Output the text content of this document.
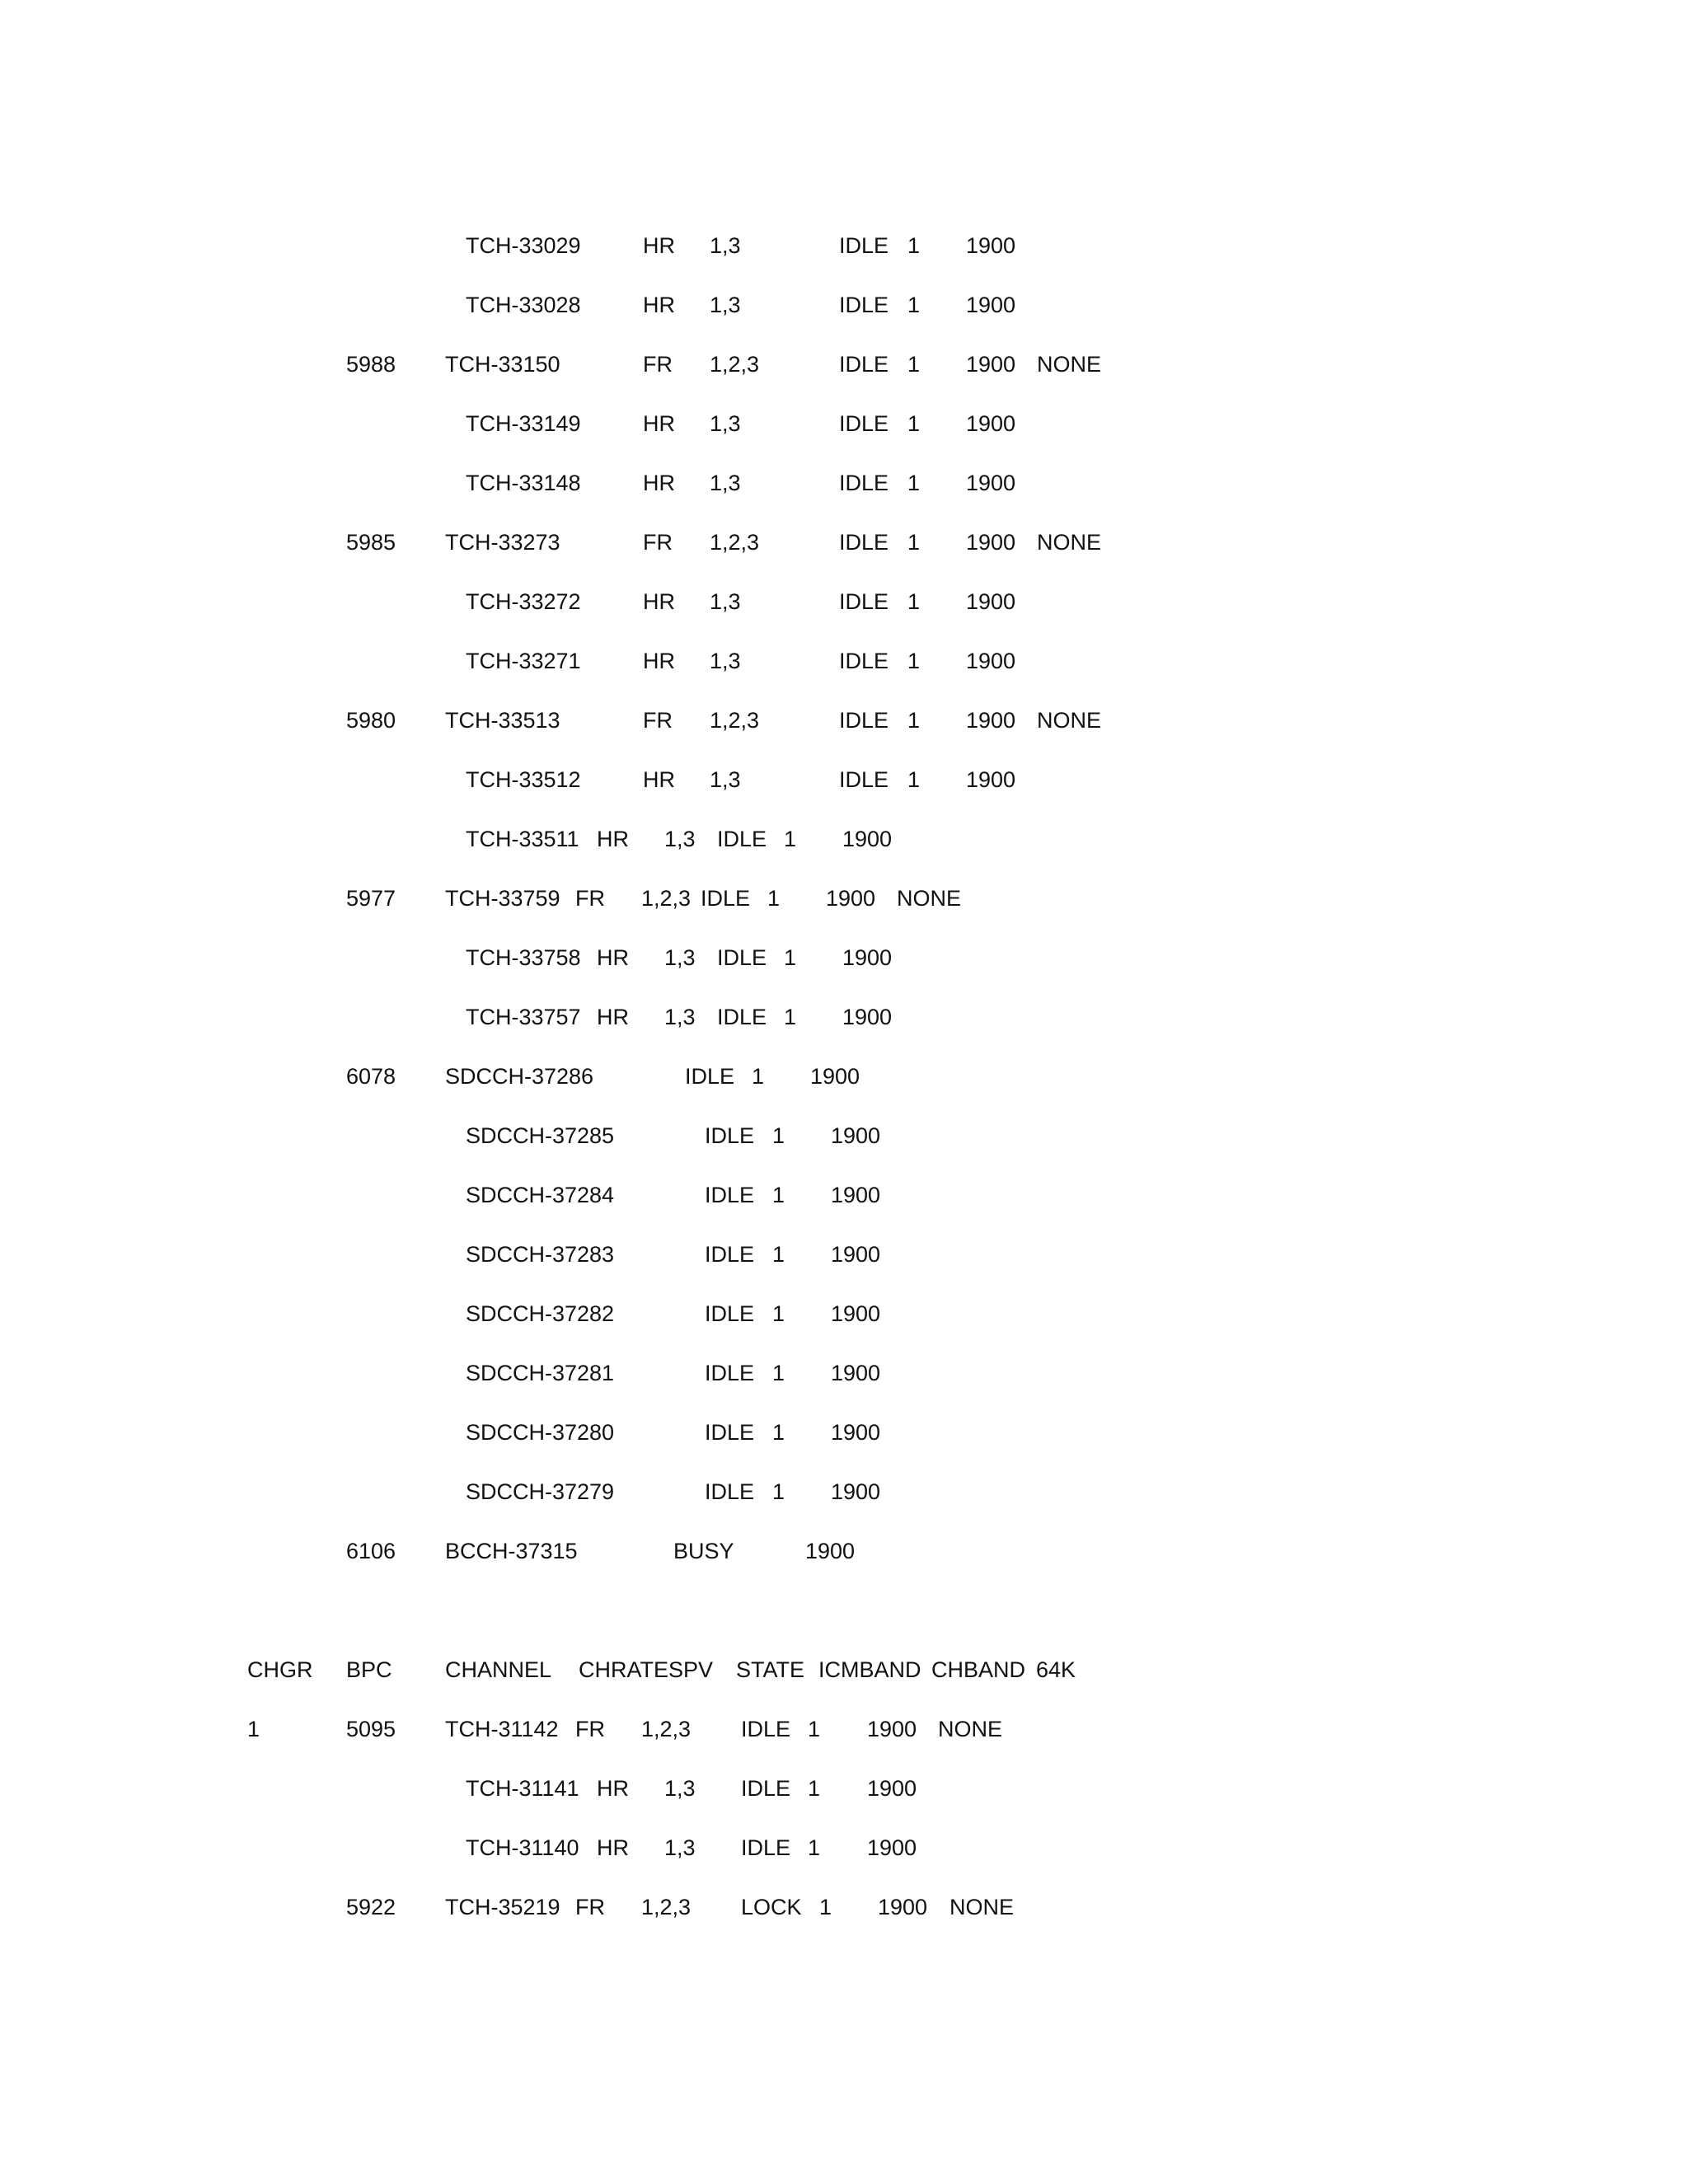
TCH-33029	HR 1,3	IDLE 1 1900
TCH-33028	HR 1,3	IDLE 1 1900
5988 TCH-33150	FR 1,2,3	IDLE 1 1900 NONE
TCH-33149	HR 1,3	IDLE 1 1900
TCH-33148	HR 1,3	IDLE 1 1900
5985 TCH-33273	FR 1,2,3	IDLE 1 1900 NONE
TCH-33272	HR 1,3	IDLE 1 1900
TCH-33271	HR 1,3	IDLE 1 1900
5980 TCH-33513	FR 1,2,3	IDLE 1 1900 NONE
TCH-33512	HR 1,3	IDLE 1 1900
TCH-33511 HR 1,3 IDLE 1 1900
5977 TCH-33759 FR 1,2,3 IDLE 1 1900 NONE
TCH-33758 HR 1,3 IDLE 1 1900
TCH-33757 HR 1,3 IDLE 1 1900
6078 SDCCH-37286	IDLE 1 1900
SDCCH-37285	IDLE 1 1900
SDCCH-37284	IDLE 1 1900
SDCCH-37283	IDLE 1 1900
SDCCH-37282	IDLE 1 1900
SDCCH-37281	IDLE 1 1900
SDCCH-37280	IDLE 1 1900
SDCCH-37279	IDLE 1 1900
6106 BCCH-37315	BUSY	1900
CHGR BPC CHANNEL CHRATESPV STATE ICMBAND CHBAND 64K
1	5095 TCH-31142 FR 1,2,3 IDLE 1 1900 NONE
TCH-31141 HR 1,3 IDLE 1 1900
TCH-31140 HR 1,3 IDLE 1 1900
5922 TCH-35219 FR 1,2,3 LOCK 1 1900 NONE
